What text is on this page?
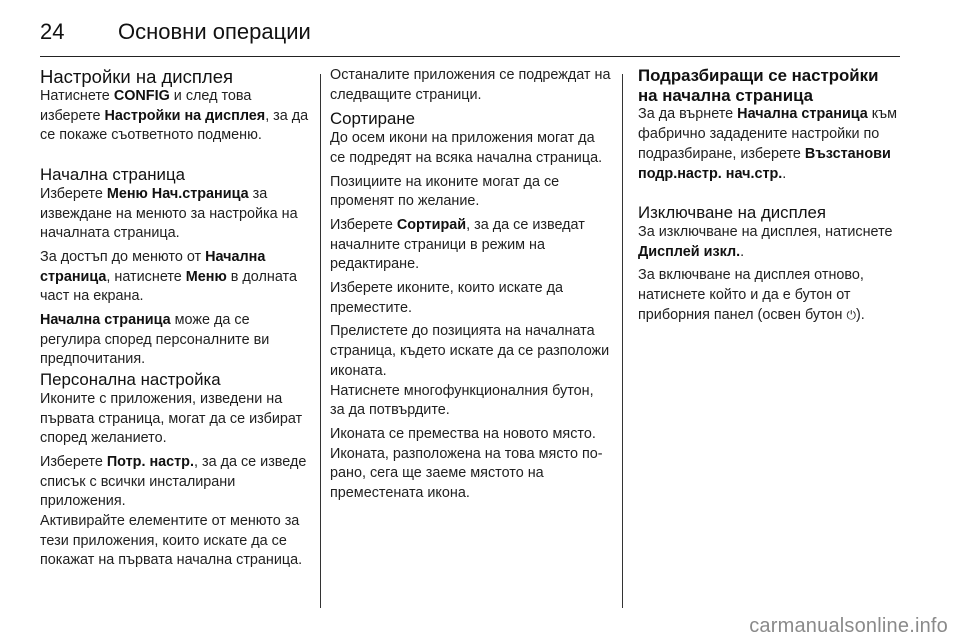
24	Основни операции
Настройки на дисплея

Натиснете CONFIG и след това изберете Настройки на дисплея, за да се покаже съответното подменю.

Начална страница

Изберете Меню Нач.страница за извеждане на менюто за настройка на началната страница.

За достъп до менюто от Начална страница, натиснете Меню в долната част на екрана.

Начална страница може да се регулира според персоналните ви предпочитания.

Персонална настройка

Иконите с приложения, изведени на първата страница, могат да се избират според желанието.

Изберете Потр. настр., за да се изведе списък с всички инсталирани приложения.

Активирайте елементите от менюто за тези приложения, които искате да се покажат на първата начална страница.

Останалите приложения се подреждат на следващите страници.

Сортиране

До осем икони на приложения могат да се подредят на всяка начална страница.

Позициите на иконите могат да се променят по желание.

Изберете Сортирай, за да се изведат началните страници в режим на редактиране.

Изберете иконите, които искате да преместите.

Прелистете до позицията на началната страница, където искате да се разположи иконата.

Натиснете многофункционалния бутон, за да потвърдите.

Иконата се премества на новото място. Иконата, разположена на това място по-рано, сега ще заеме мястото на преместената икона.

Подразбиращи се настройки на начална страница

За да върнете Начална страница към фабрично зададените настройки по подразбиране, изберете Възстанови подр.настр. нач.стр..

Изключване на дисплея

За изключване на дисплея, натиснете Дисплей изкл..

За включване на дисплея отново, натиснете който и да е бутон от приборния панел (освен бутон ⏻).

carmanualsonline.info
